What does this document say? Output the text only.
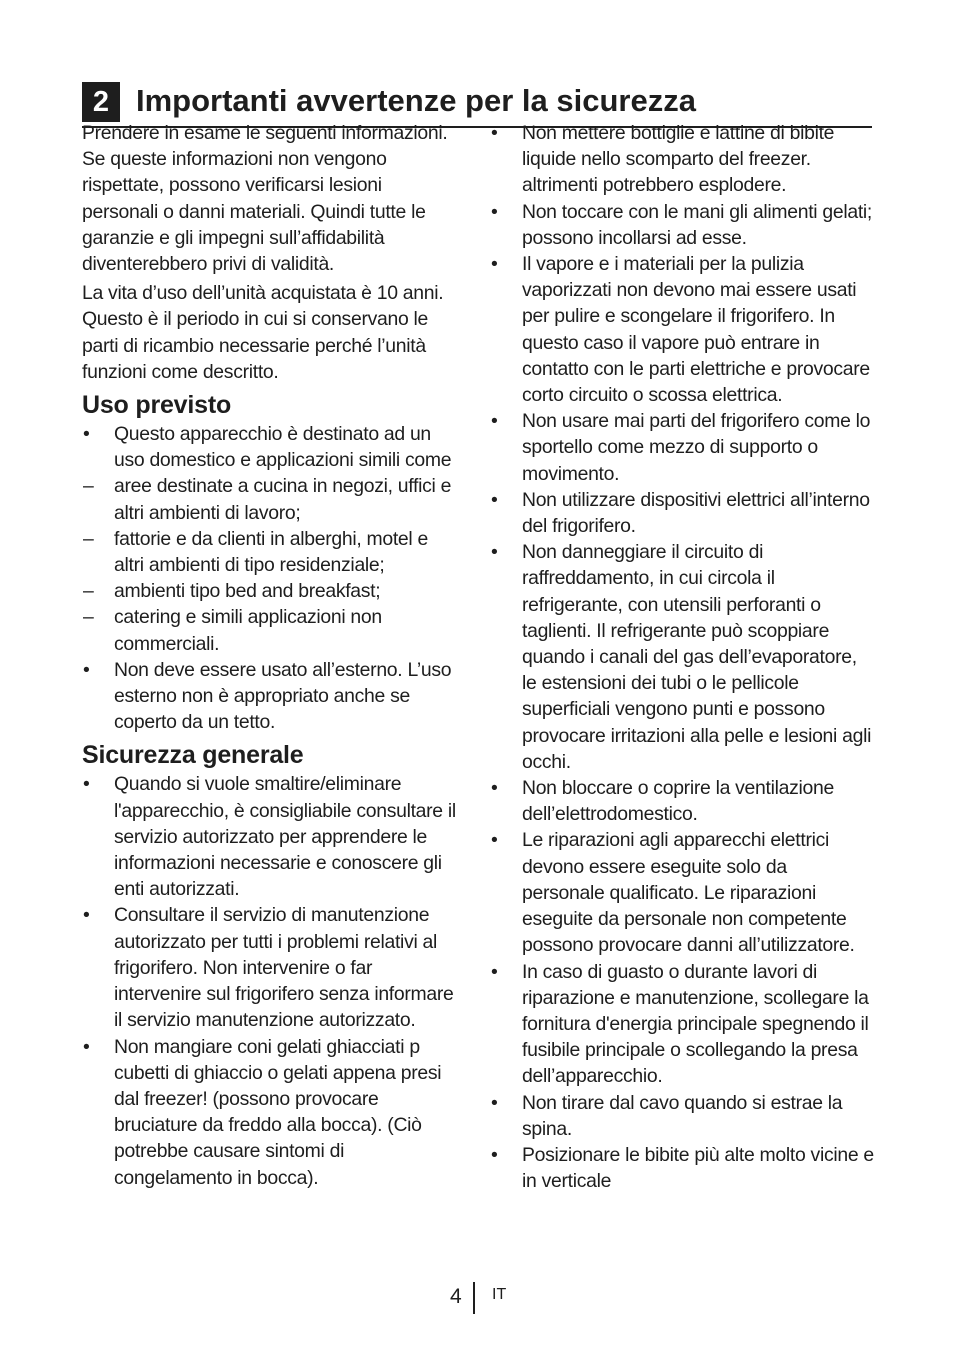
2 Importanti avvertenze per la sicurezza

Prendere in esame le seguenti informazioni. Se queste informazioni non vengono rispettate, possono verificarsi lesioni personali o danni materiali. Quindi tutte le garanzie e gli impegni sull’affidabilità diventerebbero privi di validità.

La vita d’uso dell’unità acquistata è 10 anni. Questo è il periodo in cui si conservano le parti di ricambio necessarie perché l’unità funzioni come descritto.

Uso previsto
•	Questo apparecchio è destinato ad un uso domestico e applicazioni simili come
–	aree destinate a cucina in negozi, uffici e altri ambienti di lavoro;
–	fattorie e da clienti in alberghi, motel e altri ambienti di tipo residenziale;
–	ambienti tipo bed and breakfast;
–	catering e simili applicazioni non commerciali.
•	Non deve essere usato all’esterno. L’uso esterno non è appropriato anche se coperto da un tetto.
Sicurezza generale
•	Quando si vuole smaltire/eliminare l'apparecchio, è consigliabile consultare il servizio autorizzato per apprendere le informazioni necessarie e conoscere gli enti autorizzati.
•	Consultare il servizio di manutenzione autorizzato per tutti i problemi relativi al frigorifero. Non intervenire o far intervenire sul frigorifero senza informare il servizio manutenzione autorizzato.
•	Non mangiare coni gelati ghiacciati p cubetti di ghiaccio o gelati appena presi dal freezer! (possono provocare bruciature da freddo alla bocca). (Ciò potrebbe causare sintomi di congelamento in bocca).
•	Non mettere bottiglie e lattine di bibite liquide nello scomparto del freezer. altrimenti potrebbero esplodere.
•	Non toccare con le mani gli alimenti gelati; possono incollarsi ad esse.
•	Il vapore e i materiali per la pulizia vaporizzati non devono mai essere usati per pulire e scongelare il frigorifero. In questo caso il vapore può entrare in contatto con le parti elettriche e provocare corto circuito o scossa elettrica.
•	Non usare mai parti del frigorifero come lo sportello come mezzo di supporto o movimento.
•	Non utilizzare dispositivi elettrici all’interno del frigorifero.
•	Non danneggiare il circuito di raffreddamento, in cui circola il refrigerante, con utensili perforanti o taglienti. Il refrigerante può scoppiare quando i canali del gas dell’evaporatore, le estensioni dei tubi o le pellicole superficiali vengono punti e possono provocare irritazioni alla pelle e lesioni agli occhi.
•	Non bloccare o coprire la ventilazione dell’elettrodomestico.
•	Le riparazioni agli apparecchi elettrici devono essere eseguite solo da personale qualificato. Le riparazioni eseguite da personale non competente possono provocare danni all’utilizzatore.
•	In caso di guasto o durante lavori di riparazione e manutenzione, scollegare la fornitura d'energia principale spegnendo il fusibile principale o scollegando la presa dell’apparecchio.
•	Non tirare dal cavo quando si estrae la spina.
•	Posizionare le bibite più alte molto vicine e in verticale
4 IT
